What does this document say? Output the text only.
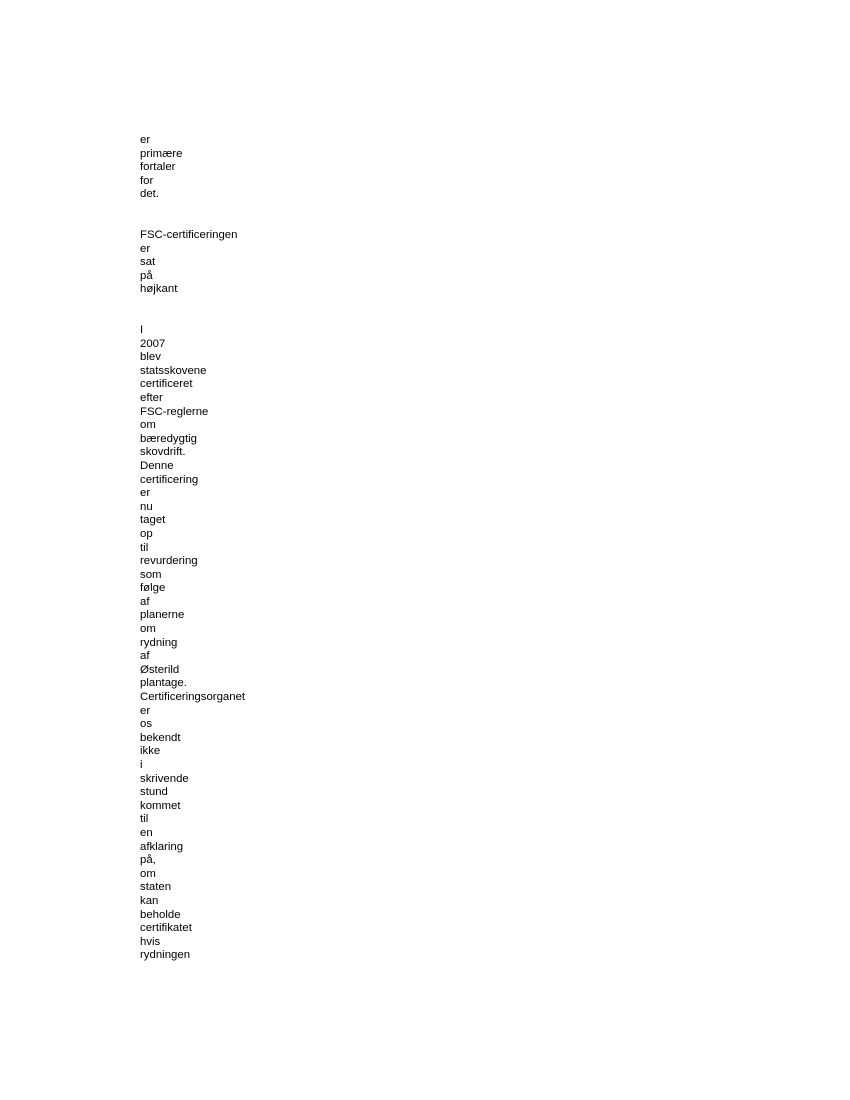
er
primære
fortaler
for
det.
FSC-certificeringen
er
sat
på
højkant
I
2007
blev
statsskovene
certificeret
efter
FSC-reglerne
om
bæredygtig
skovdrift.
Denne
certificering
er
nu
taget
op
til
revurdering
som
følge
af
planerne
om
rydning
af
Østerild
plantage.
Certificeringsorganet
er
os
bekendt
ikke
i
skrivende
stund
kommet
til
en
afklaring
på,
om
staten
kan
beholde
certifikatet
hvis
rydningen
